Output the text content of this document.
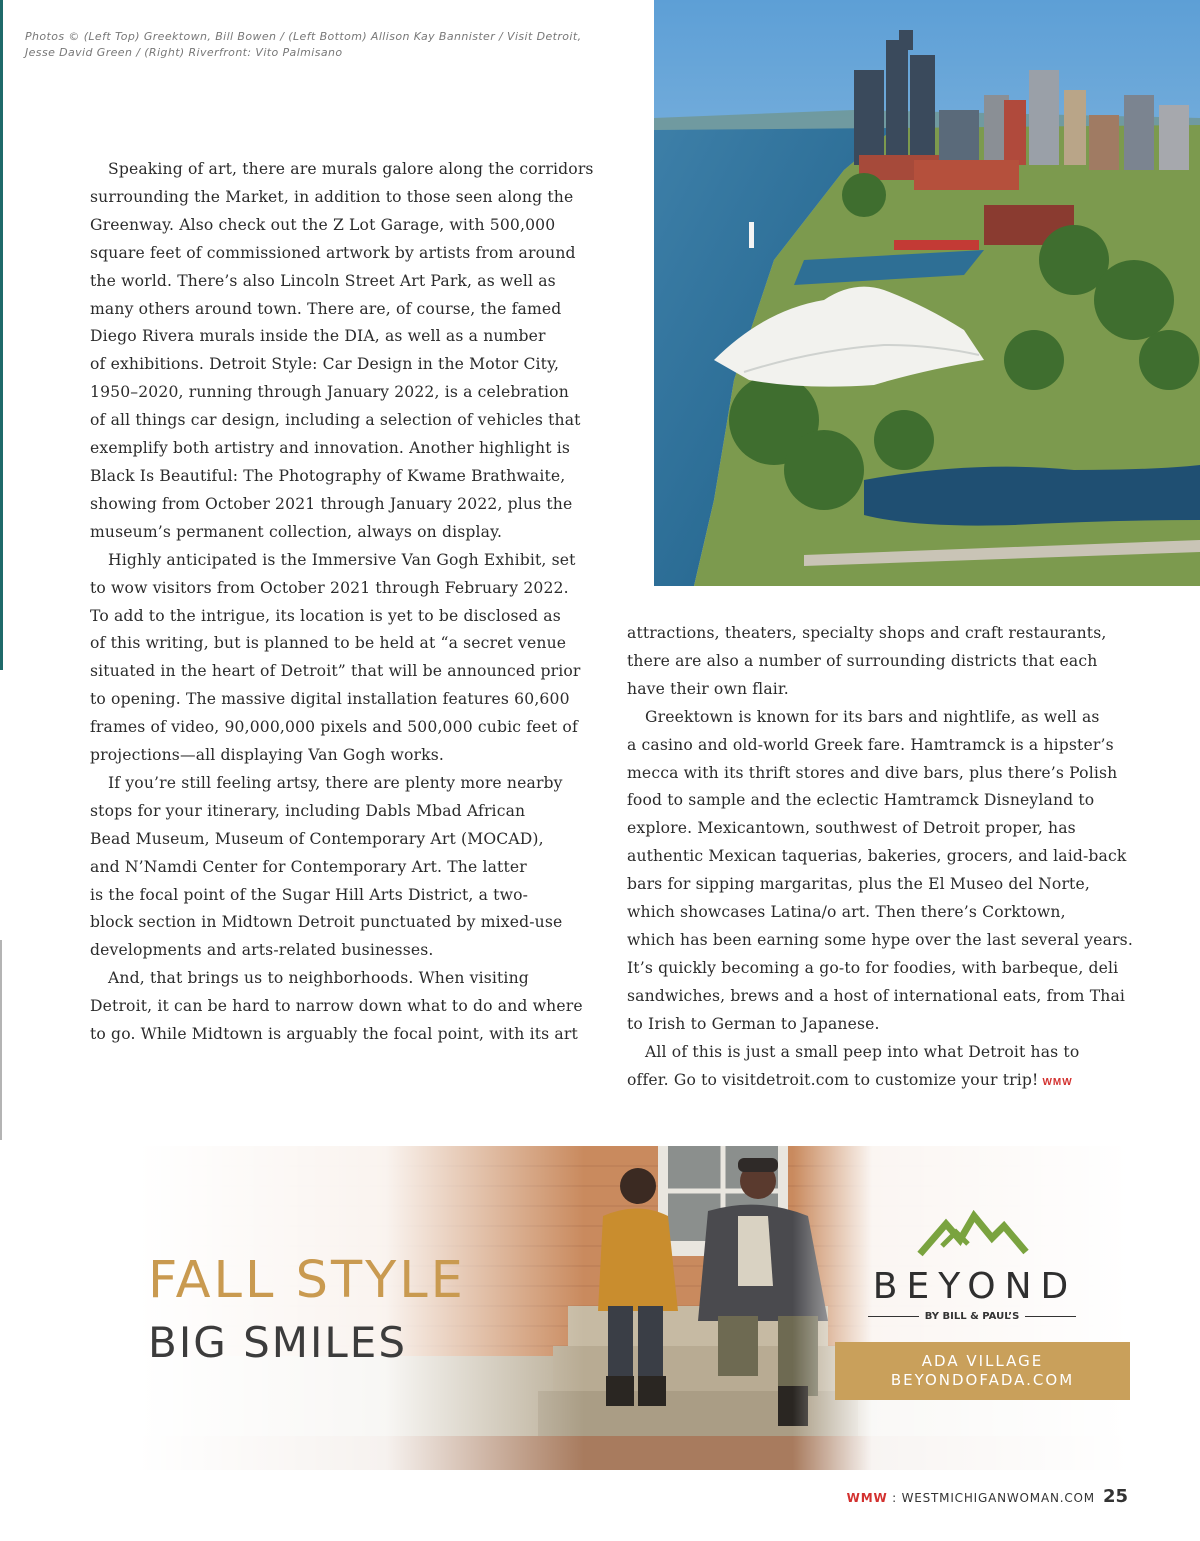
Photos © (Left Top) Greektown, Bill Bowen / (Left Bottom) Allison Kay Bannister / Visit Detroit,
Jesse David Green / (Right) Riverfront: Vito Palmisano

Speaking of art, there are murals galore along the corridors
surrounding the Market, in addition to those seen along the
Greenway. Also check out the Z Lot Garage, with 500,000
square feet of commissioned artwork by artists from around
the world. There’s also Lincoln Street Art Park, as well as
many others around town. There are, of course, the famed
Diego Rivera murals inside the DIA, as well as a number
of exhibitions. Detroit Style: Car Design in the Motor City,
1950–2020, running through January 2022, is a celebration
of all things car design, including a selection of vehicles that
exemplify both artistry and innovation. Another highlight is
Black Is Beautiful: The Photography of Kwame Brathwaite,
showing from October 2021 through January 2022, plus the
museum’s permanent collection, always on display.

Highly anticipated is the Immersive Van Gogh Exhibit, set
to wow visitors from October 2021 through February 2022.
To add to the intrigue, its location is yet to be disclosed as
of this writing, but is planned to be held at “a secret venue
situated in the heart of Detroit” that will be announced prior
to opening. The massive digital installation features 60,600
frames of video, 90,000,000 pixels and 500,000 cubic feet of
projections—all displaying Van Gogh works.

If you’re still feeling artsy, there are plenty more nearby
stops for your itinerary, including Dabls Mbad African
Bead Museum, Museum of Contemporary Art (MOCAD),
and N’Namdi Center for Contemporary Art. The latter
is the focal point of the Sugar Hill Arts District, a two-
block section in Midtown Detroit punctuated by mixed-use
developments and arts-related businesses.

And, that brings us to neighborhoods. When visiting
Detroit, it can be hard to narrow down what to do and where
to go. While Midtown is arguably the focal point, with its art

attractions, theaters, specialty shops and craft restaurants,
there are also a number of surrounding districts that each
have their own flair.

Greektown is known for its bars and nightlife, as well as
a casino and old-world Greek fare. Hamtramck is a hipster’s
mecca with its thrift stores and dive bars, plus there’s Polish
food to sample and the eclectic Hamtramck Disneyland to
explore. Mexicantown, southwest of Detroit proper, has
authentic Mexican taquerias, bakeries, grocers, and laid-back
bars for sipping margaritas, plus the El Museo del Norte,
which showcases Latina/o art. Then there’s Corktown,
which has been earning some hype over the last several years.
It’s quickly becoming a go-to for foodies, with barbeque, deli
sandwiches, brews and a host of international eats, from Thai
to Irish to German to Japanese.

All of this is just a small peep into what Detroit has to
offer. Go to visitdetroit.com to customize your trip! WMW

FALL STYLE
BIG SMILES
BEYOND
BY BILL & PAUL’S
ADA VILLAGE
BEYONDOFADA.COM
WMW : WESTMICHIGANWOMAN.COM 25
